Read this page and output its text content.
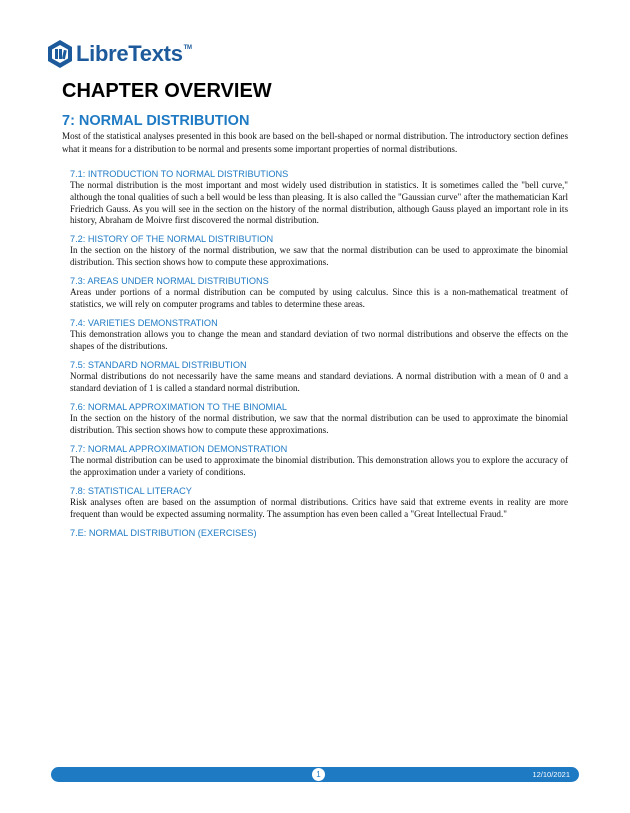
LibreTexts™
CHAPTER OVERVIEW
7: NORMAL DISTRIBUTION

Most of the statistical analyses presented in this book are based on the bell-shaped or normal distribution. The introductory section defines what it means for a distribution to be normal and presents some important properties of normal distributions.

7.1: INTRODUCTION TO NORMAL DISTRIBUTIONS

The normal distribution is the most important and most widely used distribution in statistics. It is sometimes called the "bell curve," although the tonal qualities of such a bell would be less than pleasing. It is also called the "Gaussian curve" after the mathematician Karl Friedrich Gauss. As you will see in the section on the history of the normal distribution, although Gauss played an important role in its history, Abraham de Moivre first discovered the normal distribution.

7.2: HISTORY OF THE NORMAL DISTRIBUTION

In the section on the history of the normal distribution, we saw that the normal distribution can be used to approximate the binomial distribution. This section shows how to compute these approximations.

7.3: AREAS UNDER NORMAL DISTRIBUTIONS

Areas under portions of a normal distribution can be computed by using calculus. Since this is a non-mathematical treatment of statistics, we will rely on computer programs and tables to determine these areas.

7.4: VARIETIES DEMONSTRATION

This demonstration allows you to change the mean and standard deviation of two normal distributions and observe the effects on the shapes of the distributions.

7.5: STANDARD NORMAL DISTRIBUTION

Normal distributions do not necessarily have the same means and standard deviations. A normal distribution with a mean of 0 and a standard deviation of 1 is called a standard normal distribution.

7.6: NORMAL APPROXIMATION TO THE BINOMIAL

In the section on the history of the normal distribution, we saw that the normal distribution can be used to approximate the binomial distribution. This section shows how to compute these approximations.

7.7: NORMAL APPROXIMATION DEMONSTRATION

The normal distribution can be used to approximate the binomial distribution. This demonstration allows you to explore the accuracy of the approximation under a variety of conditions.

7.8: STATISTICAL LITERACY

Risk analyses often are based on the assumption of normal distributions. Critics have said that extreme events in reality are more frequent than would be expected assuming normality. The assumption has even been called a "Great Intellectual Fraud."

7.E: NORMAL DISTRIBUTION (EXERCISES)

1	12/10/2021
